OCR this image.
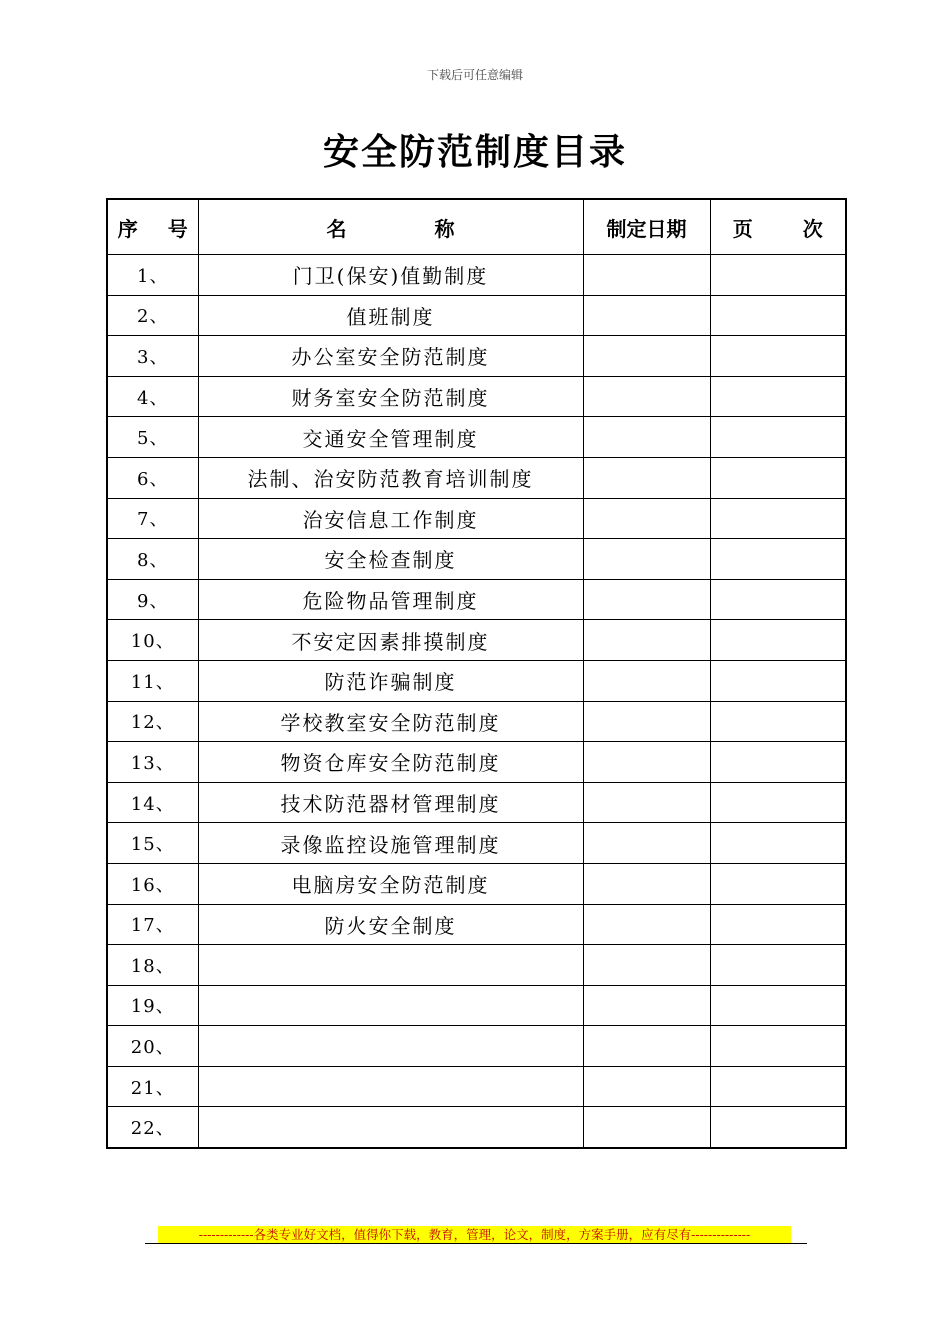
下载后可任意编辑
安全防范制度目录
序 号	名 称	制定日期	页 次
1、	门卫(保安)值勤制度		
2、	值班制度		
3、	办公室安全防范制度		
4、	财务室安全防范制度		
5、	交通安全管理制度		
6、	法制、治安防范教育培训制度		
7、	治安信息工作制度		
8、	安全检查制度		
9、	危险物品管理制度		
10、	不安定因素排摸制度		
11、	防范诈骗制度		
12、	学校教室安全防范制度		
13、	物资仓库安全防范制度		
14、	技术防范器材管理制度		
15、	录像监控设施管理制度		
16、	电脑房安全防范制度		
17、	防火安全制度		
18、			
19、			
20、			
21、			
22、			
-------------各类专业好文档，值得你下载，教育，管理，论文，制度，方案手册，应有尽有--------------
